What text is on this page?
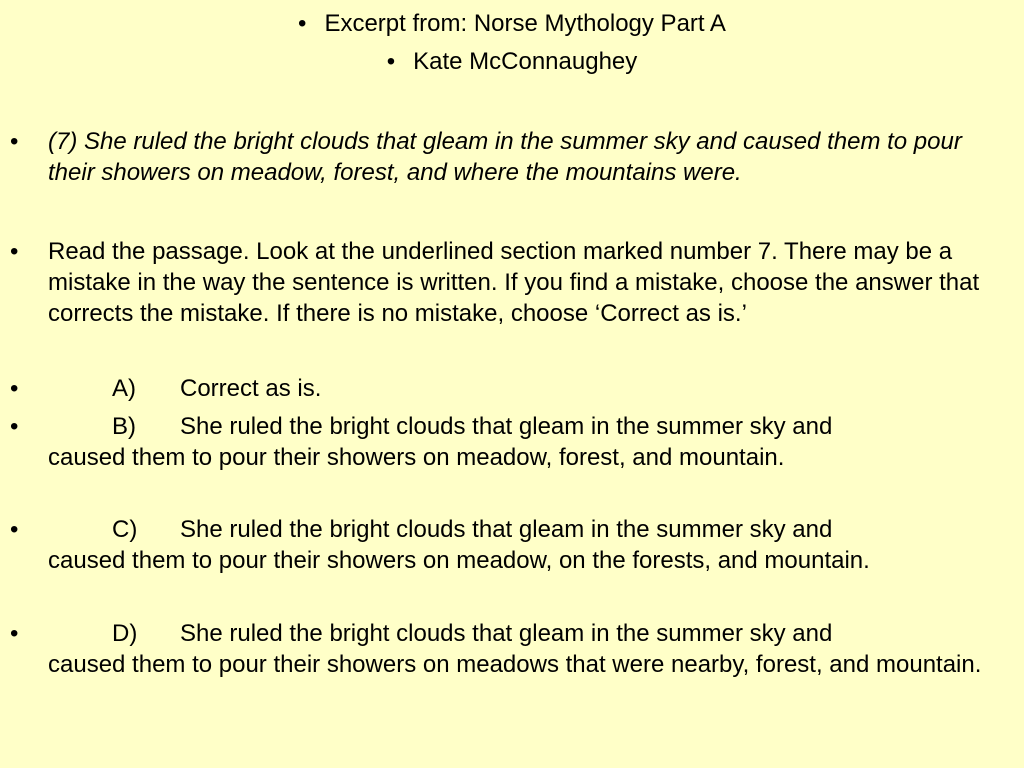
• Excerpt from: Norse Mythology Part A
• Kate McConnaughey
• (7) She ruled the bright clouds that gleam in the summer sky and caused them to pour their showers on meadow, forest, and where the mountains were.
• Read the passage. Look at the underlined section marked number 7. There may be a mistake in the way the sentence is written. If you find a mistake, choose the answer that corrects the mistake. If there is no mistake, choose ‘Correct as is.’
•	A) Correct as is.
•	B) She ruled the bright clouds that gleam in the summer sky and
caused them to pour their showers on meadow, forest, and mountain.
•	C) She ruled the bright clouds that gleam in the summer sky and
caused them to pour their showers on meadow, on the forests, and mountain.
•	D) She ruled the bright clouds that gleam in the summer sky and
caused them to pour their showers on meadows that were nearby, forest, and mountain.
